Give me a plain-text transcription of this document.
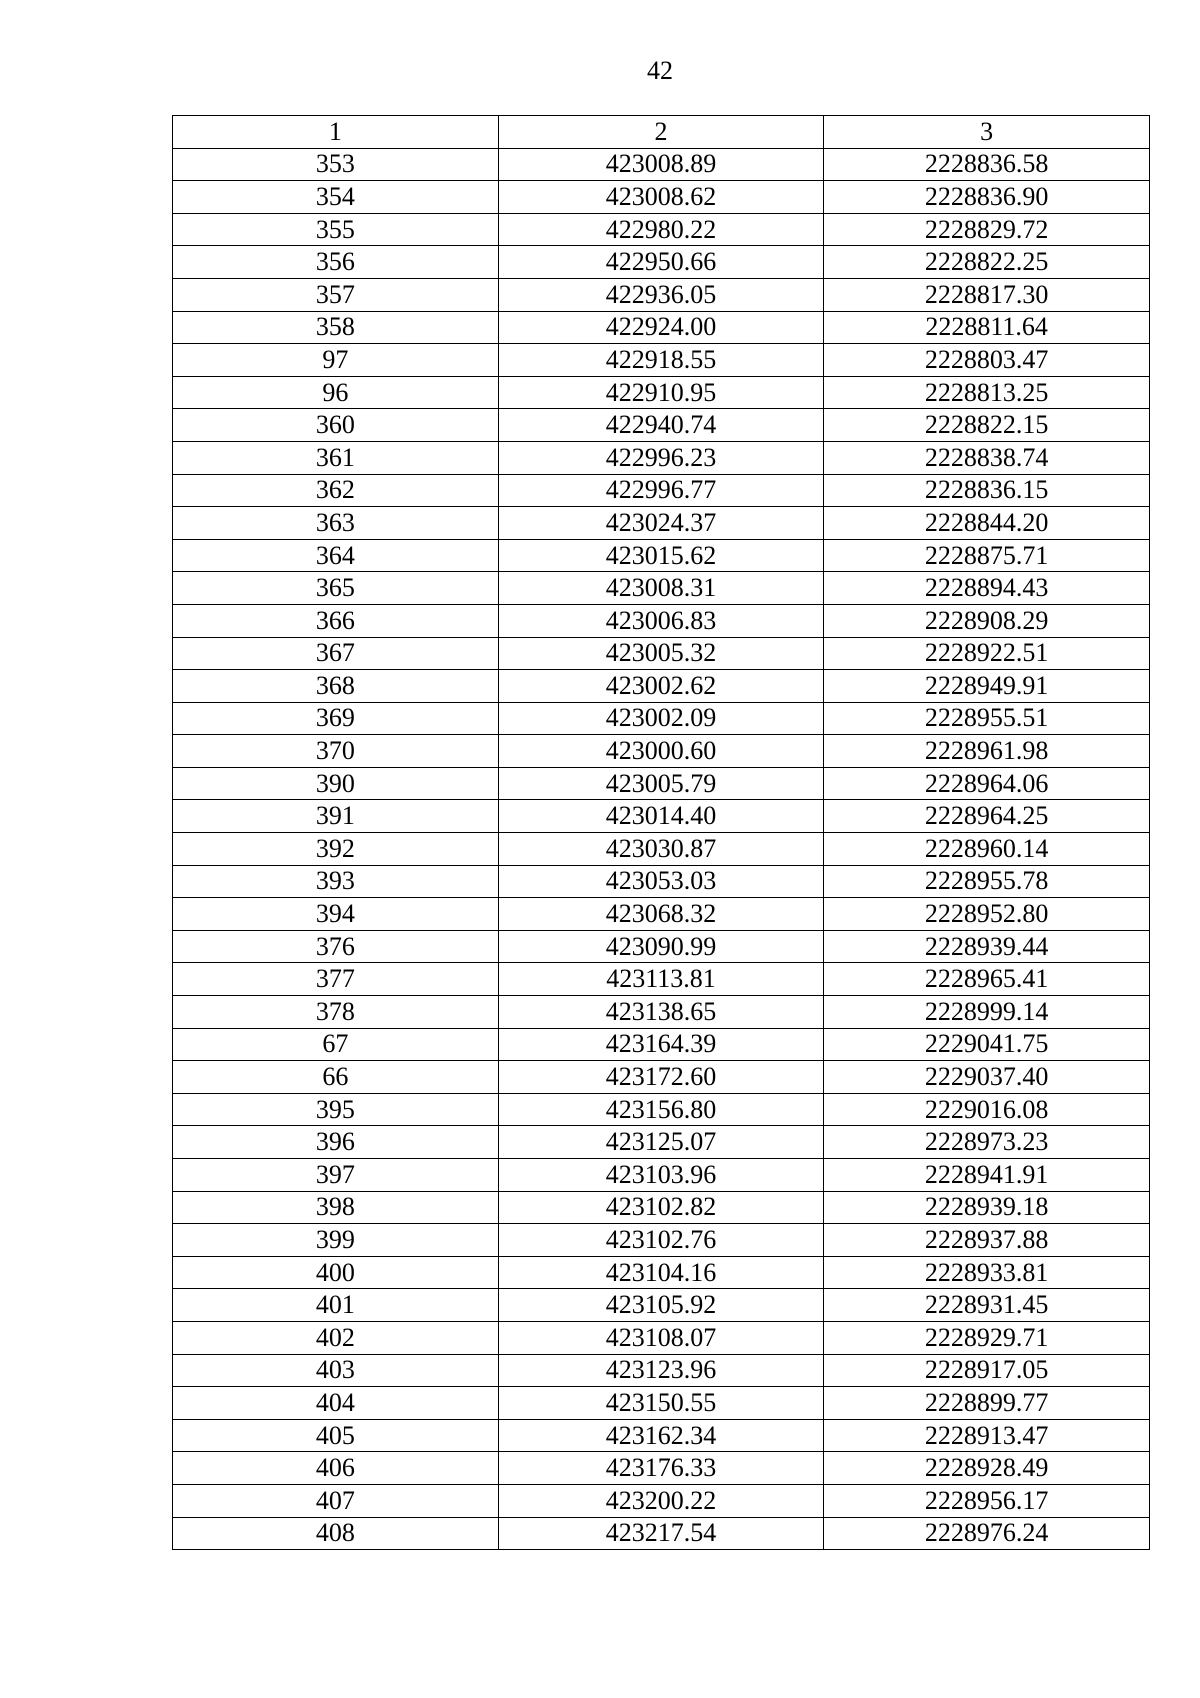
42
1	2	3
353	423008.89	2228836.58
354	423008.62	2228836.90
355	422980.22	2228829.72
356	422950.66	2228822.25
357	422936.05	2228817.30
358	422924.00	2228811.64
97	422918.55	2228803.47
96	422910.95	2228813.25
360	422940.74	2228822.15
361	422996.23	2228838.74
362	422996.77	2228836.15
363	423024.37	2228844.20
364	423015.62	2228875.71
365	423008.31	2228894.43
366	423006.83	2228908.29
367	423005.32	2228922.51
368	423002.62	2228949.91
369	423002.09	2228955.51
370	423000.60	2228961.98
390	423005.79	2228964.06
391	423014.40	2228964.25
392	423030.87	2228960.14
393	423053.03	2228955.78
394	423068.32	2228952.80
376	423090.99	2228939.44
377	423113.81	2228965.41
378	423138.65	2228999.14
67	423164.39	2229041.75
66	423172.60	2229037.40
395	423156.80	2229016.08
396	423125.07	2228973.23
397	423103.96	2228941.91
398	423102.82	2228939.18
399	423102.76	2228937.88
400	423104.16	2228933.81
401	423105.92	2228931.45
402	423108.07	2228929.71
403	423123.96	2228917.05
404	423150.55	2228899.77
405	423162.34	2228913.47
406	423176.33	2228928.49
407	423200.22	2228956.17
408	423217.54	2228976.24
